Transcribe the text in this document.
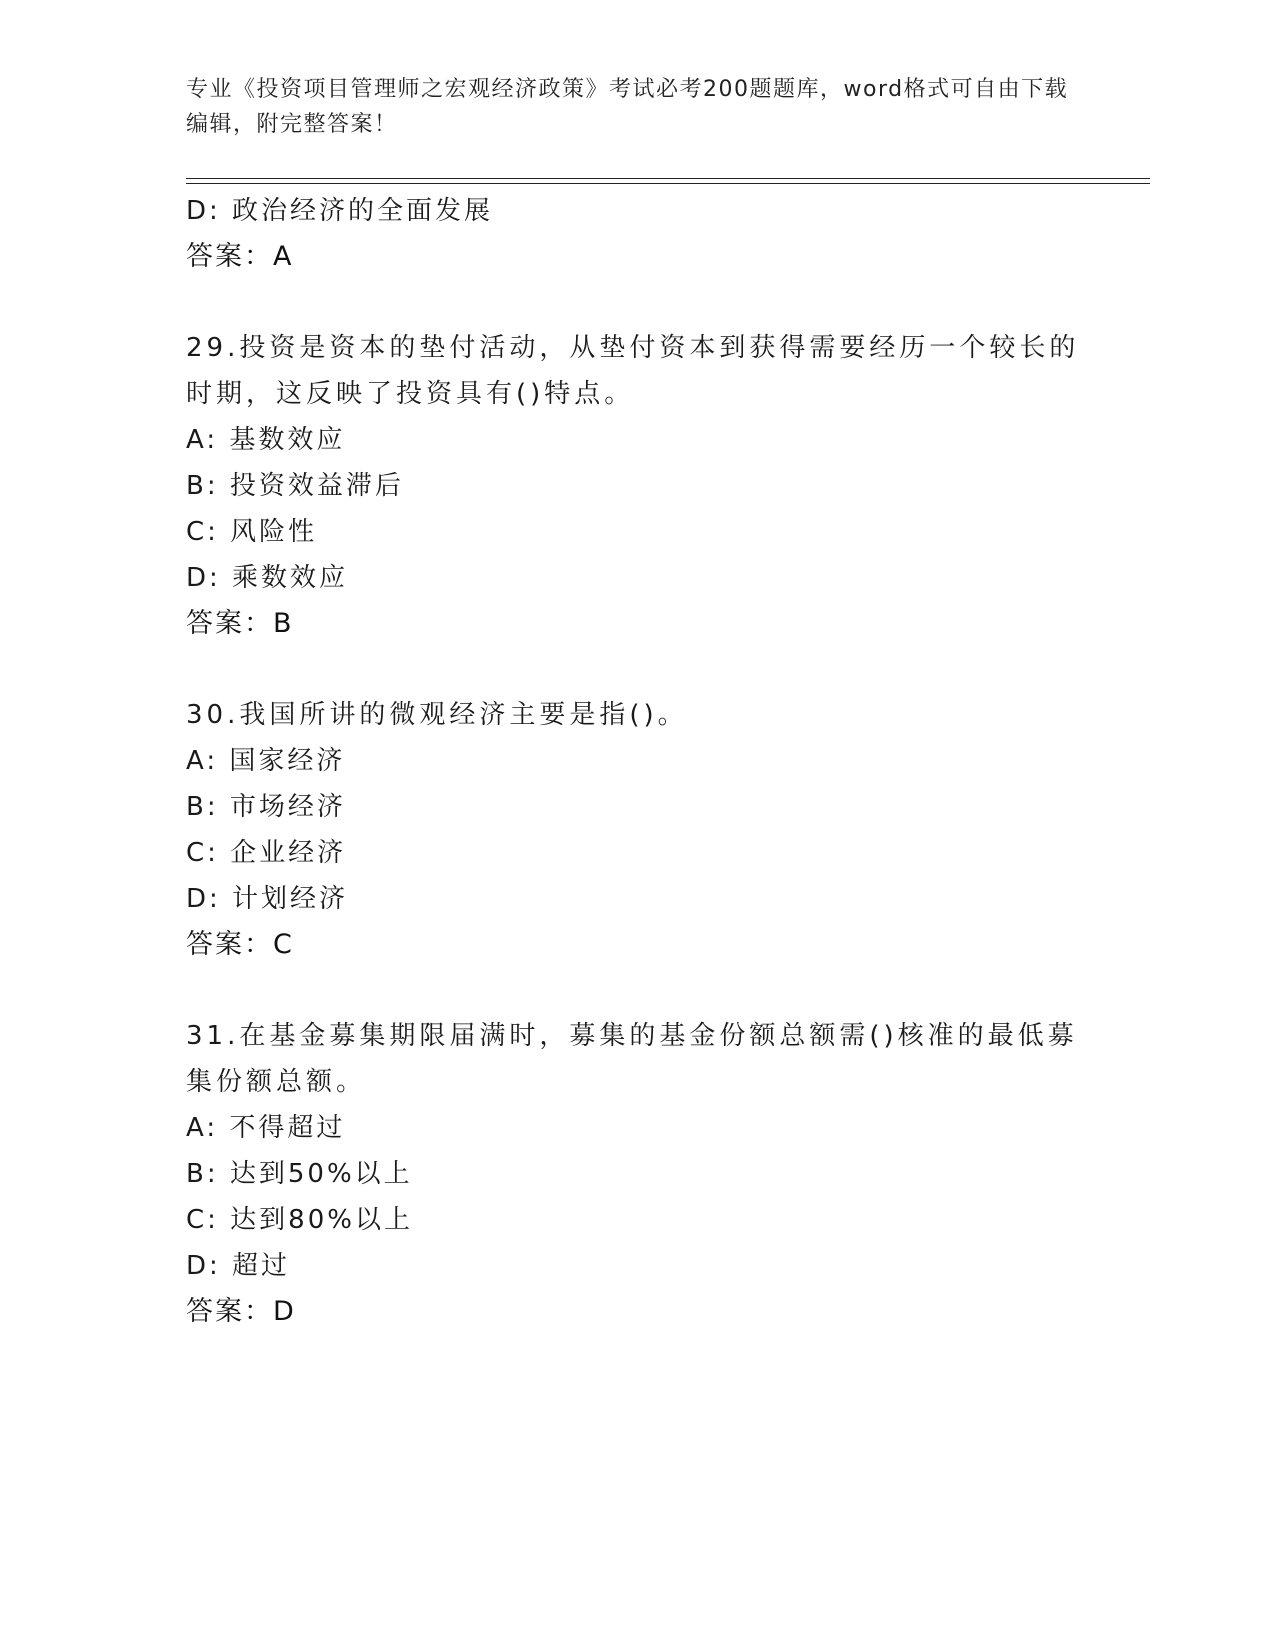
专业《投资项目管理师之宏观经济政策》考试必考200题题库，word格式可自由下载编辑，附完整答案！
D: 政治经济的全面发展
答案：A
29.投资是资本的垫付活动，从垫付资本到获得需要经历一个较长的时期，这反映了投资具有()特点。
A: 基数效应
B: 投资效益滞后
C: 风险性
D: 乘数效应
答案：B
30.我国所讲的微观经济主要是指()。
A: 国家经济
B: 市场经济
C: 企业经济
D: 计划经济
答案：C
31.在基金募集期限届满时，募集的基金份额总额需()核准的最低募集份额总额。
A: 不得超过
B: 达到50%以上
C: 达到80%以上
D: 超过
答案：D
